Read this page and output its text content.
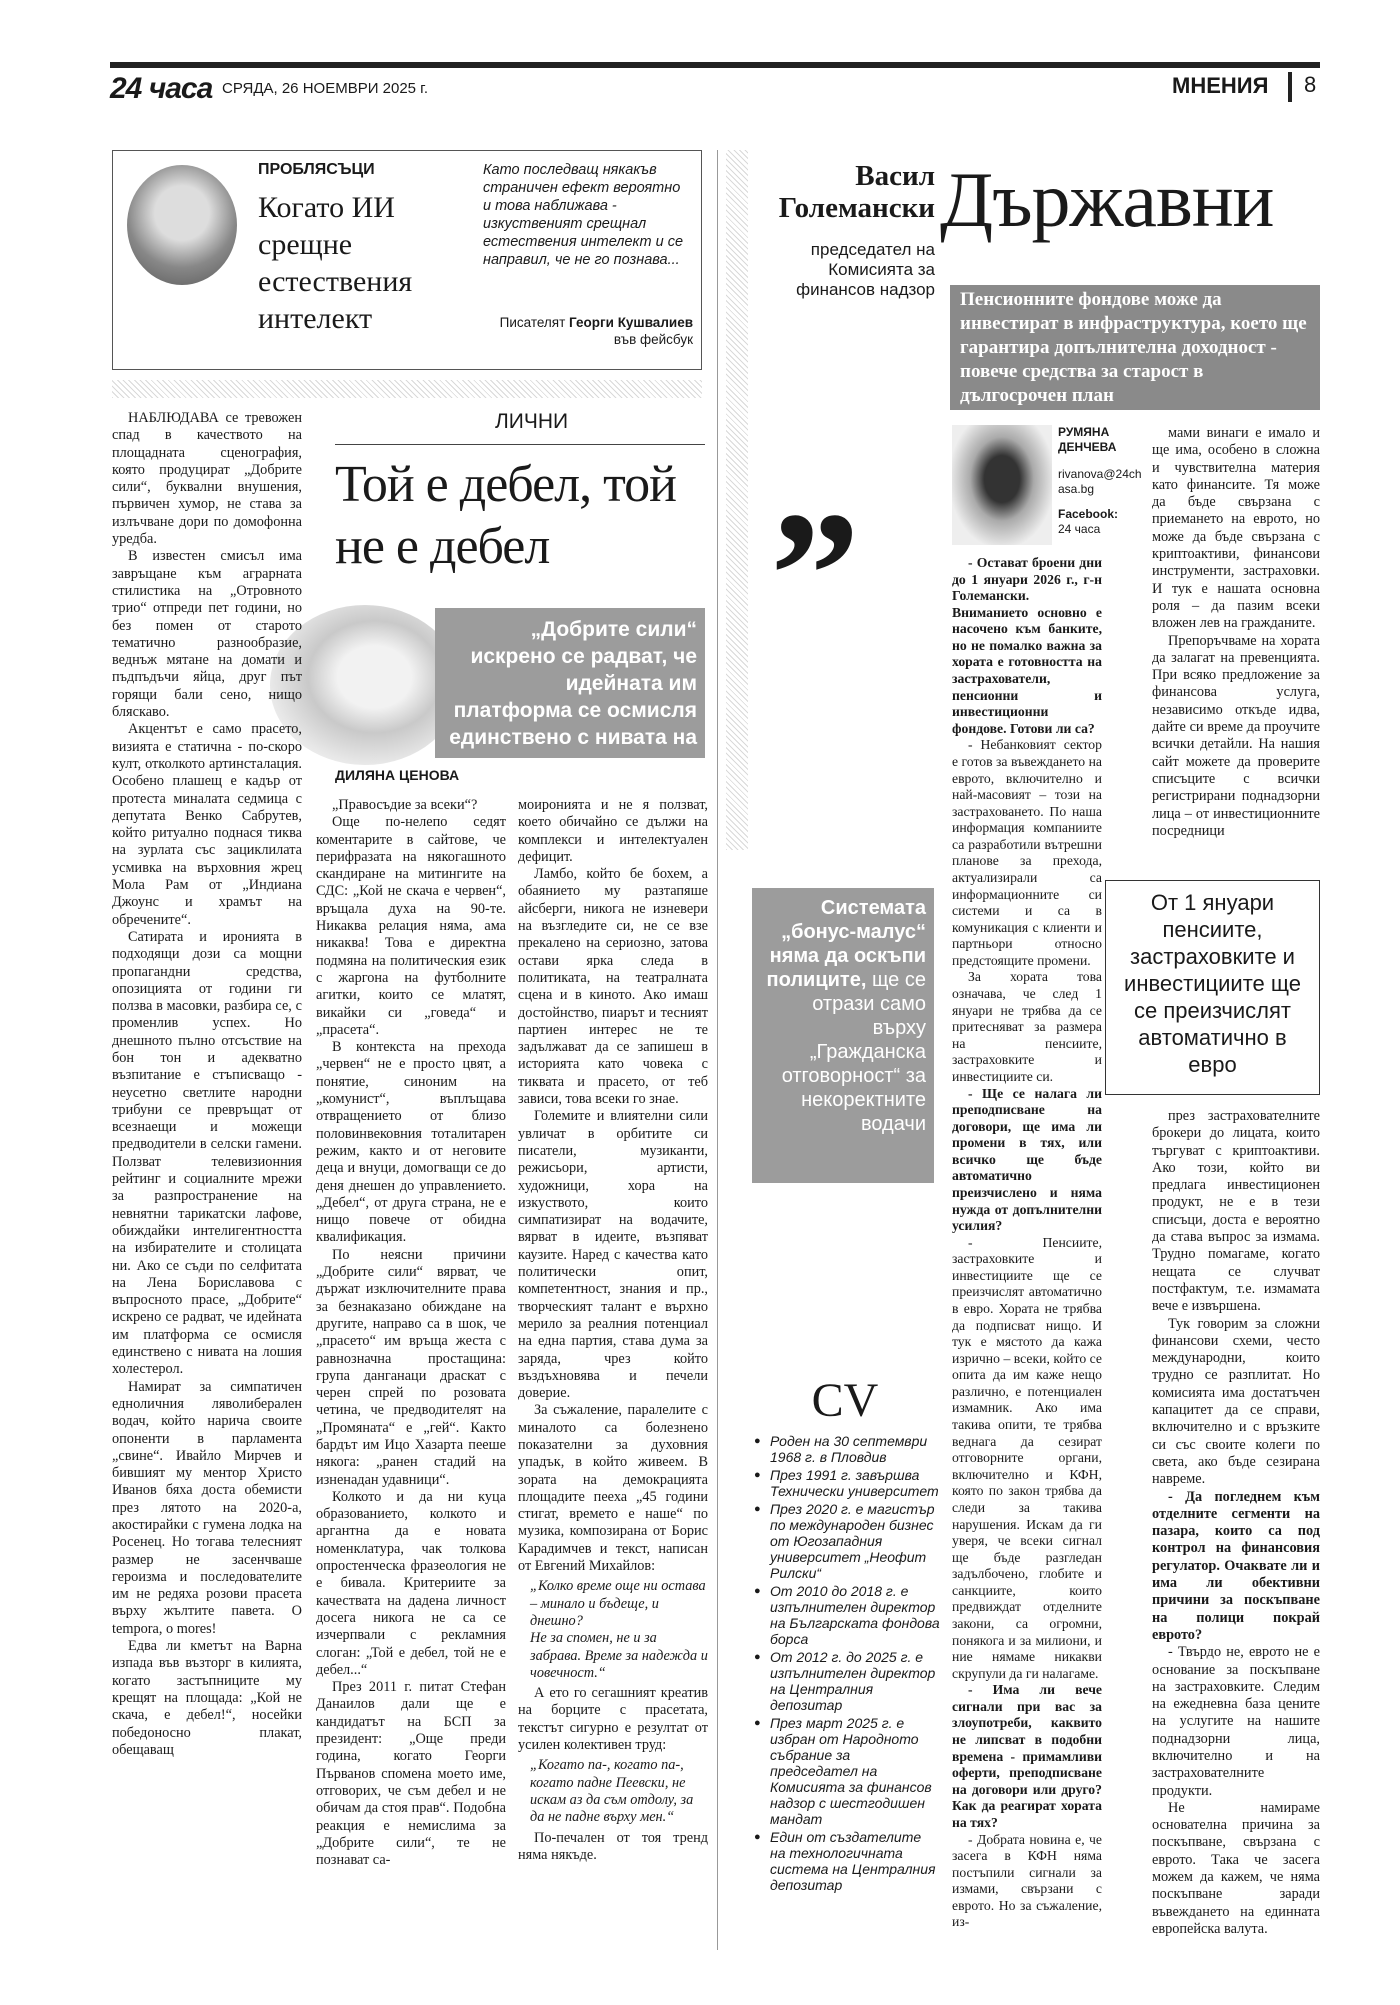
24 часа СРЯДА, 26 НОЕМВРИ 2025 г.	МНЕНИЯ 8
ПРОБЛЯСЪЦИ
Когато ИИ срещне естествения интелект
Като последващ някакъв страничен ефект вероятно и това наближава - изкуственият срещнал естествения интелект и се направил, че не го познава...
Писателят Георги Кушвалиев във фейсбук
ЛИЧНИ
Той е дебел, той не е дебел
„Добрите сили“ искрено се радват, че идейната им платформа се осмисля единствено с нивата на лошия холестерол
ДИЛЯНА ЦЕНОВА

НАБЛЮДАВА се тревожен спад в качеството на площадната сценография, която продуцират „Добрите сили“, буквални внушения, първичен хумор, не става за излъчване дори по домофонна уредба.

В известен смисъл има завръщане към аграрната стилистика на „Отровното трио“ отпреди пет години, но без помен от старото тематично разнообразие, веднъж мятане на домати и пъдпъдъчи яйца, друг път горящи бали сено, нищо бляскаво.

Акцентът е само прасето, визията е статична - по-скоро култ, отколкото артинсталация. Особено плашещ е кадър от протеста миналата седмица с депутата Венко Сабрутев, който ритуално поднася тиква на зурлата със зациклилата усмивка на върховния жрец Мола Рам от „Индиана Джоунс и храмът на обречените“.

Сатирата и иронията в подходящи дози са мощни пропагандни средства, опозицията от години ги ползва в масовки, разбира се, с променлив успех. Но днешното пълно отсъствие на бон тон и адекватно възпитание е стъписващо - неусетно светлите народни трибуни се превръщат от всезнаещи и можещи предводители в селски гамени. Ползват телевизионния рейтинг и социалните мрежи за разпространение на невнятни тарикатски лафове, обиждайки интелигентността на избирателите и столицата ни. Ако се съди по селфитата на Лена Бориславова с въпросното прасе, „Добрите“ искрено се радват, че идейната им платформа се осмисля единствено с нивата на лошия холестерол.

Намират за симпатичен едноличния ляволиберален водач, който нарича своите опоненти в парламента „свине“. Ивайло Мирчев и бившият му ментор Христо Иванов бяха доста обемисти през лятото на 2020-а, акостирайки с гумена лодка на Росенец. Но тогава телесният размер не засенчваше героизма и последователите им не редяха розови прасета върху жълтите павета. О tempora, o mores!

Едва ли кметът на Варна изпада във възторг в килията, когато застъпниците му крещят на площада: „Кой не скача, е дебел!“, носейки победоносно плакат, обещаващ

„Правосъдие за всеки“?

Още по-нелепо седят коментарите в сайтове, че перифразата на някогашното скандиране на митингите на СДС: „Кой не скача е червен“, връщала духа на 90-те. Никаква релация няма, ама никаква! Това е директна подмяна на политическия език с жаргона на футболните агитки, които се млатят, викайки си „говеда“ и „прасета“.

В контекста на прехода „червен“ не е просто цвят, а понятие, синоним на „комунист“, въплъщава отвращението от близо половинвековния тоталитарен режим, както и от неговите деца и внуци, домогващи се до деня днешен до управлението. „Дебел“, от друга страна, не е нищо повече от обидна квалификация.

По неясни причини „Добрите сили“ вярват, че държат изключителните права за безнаказано обиждане на другите, направо са в шок, че „прасето“ им връща жеста с равнозначна простащина: група данганаци драскат с черен спрей по розовата четина, че предводителят на „Промяната“ е „гей“. Както бардът им Ицо Хазарта пееше някога: „ранен стадий на изненадан удавници“.

Колкото и да ни куца образованието, колкото и аргантна да е новата номенклатура, чак толкова опростенческа фразеология не е бивала. Критериите за качествата на дадена личност досега никога не са се изчерпвали с рекламния слоган: „Той е дебел, той не е дебел...“

През 2011 г. питат Стефан Данаилов дали ще е кандидатът на БСП за президент: „Още преди година, когато Георги Първанов спомена моето име, отговорих, че съм дебел и не обичам да стоя прав“. Подобна реакция е немислима за „Добрите сили“, те не познават са-

моиронията и не я ползват, което обичайно се дължи на комплекси и интелектуален дефицит.

Ламбо, който бе бохем, а обаянието му разтапяше айсберги, никога не изневери на възгледите си, не се взе прекалено на сериозно, затова остави ярка следа в политиката, на театралната сцена и в киното. Ако имаш достойнство, пиарът и тесният партиен интерес не те задължават да се запишеш в историята като човека с тиквата и прасето, от теб зависи, това всеки го знае.

Големите и влиятелни сили увличат в орбитите си писатели, музиканти, режисьори, артисти, художници, хора на изкуството, които симпатизират на водачите, вярват в идеите, възпяват каузите. Наред с качества като политически опит, компетентност, знания и пр., творческият талант е върхно мерило за реалния потенциал на една партия, става дума за заряда, чрез който въздъхновява и печели доверие.

За съжаление, паралелите с миналото са болезнено показателни за духовния упадък, в който живеем. В зората на демокрацията площадите пееха „45 години стигат, времето е наше“ по музика, композирана от Борис Карадимчев и текст, написан от Евгений Михайлов:

„Колко време още ни остава – минало и бъдеще, и днешно?

Не за спомен, не и за забрава. Време за надежда и човечност.“

А ето го сегашният креатив на борците с прасетата, текстът сигурно е резултат от усилен колективен труд:

„Когато па-, когато па-, когато падне Пеевски, не искам аз да съм отдолу, за да не падне върху мен.“

По-печален от тоя тренд няма някъде.

Васил
Големански
председател на Комисията за финансов надзор
Държавни
Пенсионните фондове може да инвестират в инфраструктура, което ще гарантира допълнителна доходност - повече средства за старост в дългосрочен план
”
Системата „бонус-малус“ няма да оскъпи полиците, ще се отрази само върху „Гражданска отговорност“ за некоректните водачи
CV
● Роден на 30 септември 1968 г. в Пловдив
● През 1991 г. завършва Технически университет
● През 2020 г. е магистър по международен бизнес от Югозападния университет „Неофит Рилски“
● От 2010 до 2018 г. е изпълнителен директор на Българската фондова борса
● От 2012 г. до 2025 г. е изпълнителен директор на Централния депозитар
● През март 2025 г. е избран от Народното събрание за председател на Комисията за финансов надзор с шестгодишен мандат
● Един от създателите на технологичната система на Централния депозитар
РУМЯНА ДЕНЧЕВА
rivanova@24chasa.bg
Facebook:
24 часа

- Остават броени дни до 1 януари 2026 г., г-н Големански. Вниманието основно е насочено към банките, но не помалко важна за хората е готовността на застрахователи, пенсионни и инвестиционни фондове. Готови ли са?

- Небанковият сектор е готов за въвеждането на еврото, включително и най-масовият – този на застраховането. По наша информация компаниите са разработили вътрешни планове за прехода, актуализирали са информационните си системи и са в комуникация с клиенти и партньори относно предстоящите промени.

За хората това означава, че след 1 януари не трябва да се притесняват за размера на пенсиите, застраховките и инвестициите си.

- Ще се налага ли преподписване на договори, ще има ли промени в тях, или всичко ще бъде автоматично преизчислено и няма нужда от допълнителни усилия?

- Пенсиите, застраховките и инвестициите ще се преизчислят автоматично в евро. Хората не трябва да подписват нищо. И тук е мястото да кажа изрично – всеки, който се опита да им каже нещо различно, е потенциален измамник. Ако има такива опити, те трябва веднага да сезират отговорните органи, включително и КФН, която по закон трябва да следи за такива нарушения. Искам да ги уверя, че всеки сигнал ще бъде разгледан задълбочено, глобите и санкциите, които предвиждат отделните закони, са огромни, понякога и за милиони, и ние нямаме никакви скрупули да ги налагаме.

- Има ли вече сигнали при вас за злоупотреби, каквито не липсват в подобни времена - примамливи оферти, преподписване на договори или друго? Как да реагират хората на тях?

- Добрата новина е, че засега в КФН няма постъпили сигнали за измами, свързани с еврото. Но за съжаление, из-

мами винаги е имало и ще има, особено в сложна и чувствителна материя като финансите. Тя може да бъде свързана с приемането на еврото, но може да бъде свързана с криптоактиви, финансови инструменти, застраховки. И тук е нашата основна роля – да пазим всеки вложен лев на гражданите.

Препоръчваме на хората да залагат на превенцията. При всяко предложение за финансова услуга, независимо откъде идва, дайте си време да проучите всички детайли. На нашия сайт можете да проверите списъците с всички регистрирани поднадзорни лица – от инвестиционните посредници

От 1 януари пенсиите, застраховките и инвестициите ще се преизчислят автоматично в евро

през застрахователните брокери до лицата, които търгуват с криптоактиви. Ако този, който ви предлага инвестиционен продукт, не е в тези списъци, доста е вероятно да става въпрос за измама. Трудно помагаме, когато нещата се случват постфактум, т.е. измамата вече е извършена.

Тук говорим за сложни финансови схеми, често международни, които трудно се разплитат. Но комисията има достатъчен капацитет да се справи, включително и с връзките си със своите колеги по света, ако бъде сезирана навреме.

- Да погледнем към отделните сегменти на пазара, които са под контрол на финансовия регулатор. Очаквате ли и има ли обективни причини за поскъпване на полици покрай еврото?

- Твърдо не, еврото не е основание за поскъпване на застраховките. Следим на ежедневна база цените на услугите на нашите поднадзорни лица, включително и на застрахователните продукти.

Не намираме основателна причина за поскъпване, свързана с еврото. Така че засега можем да кажем, че няма поскъпване заради въвеждането на единната европейска валута.
